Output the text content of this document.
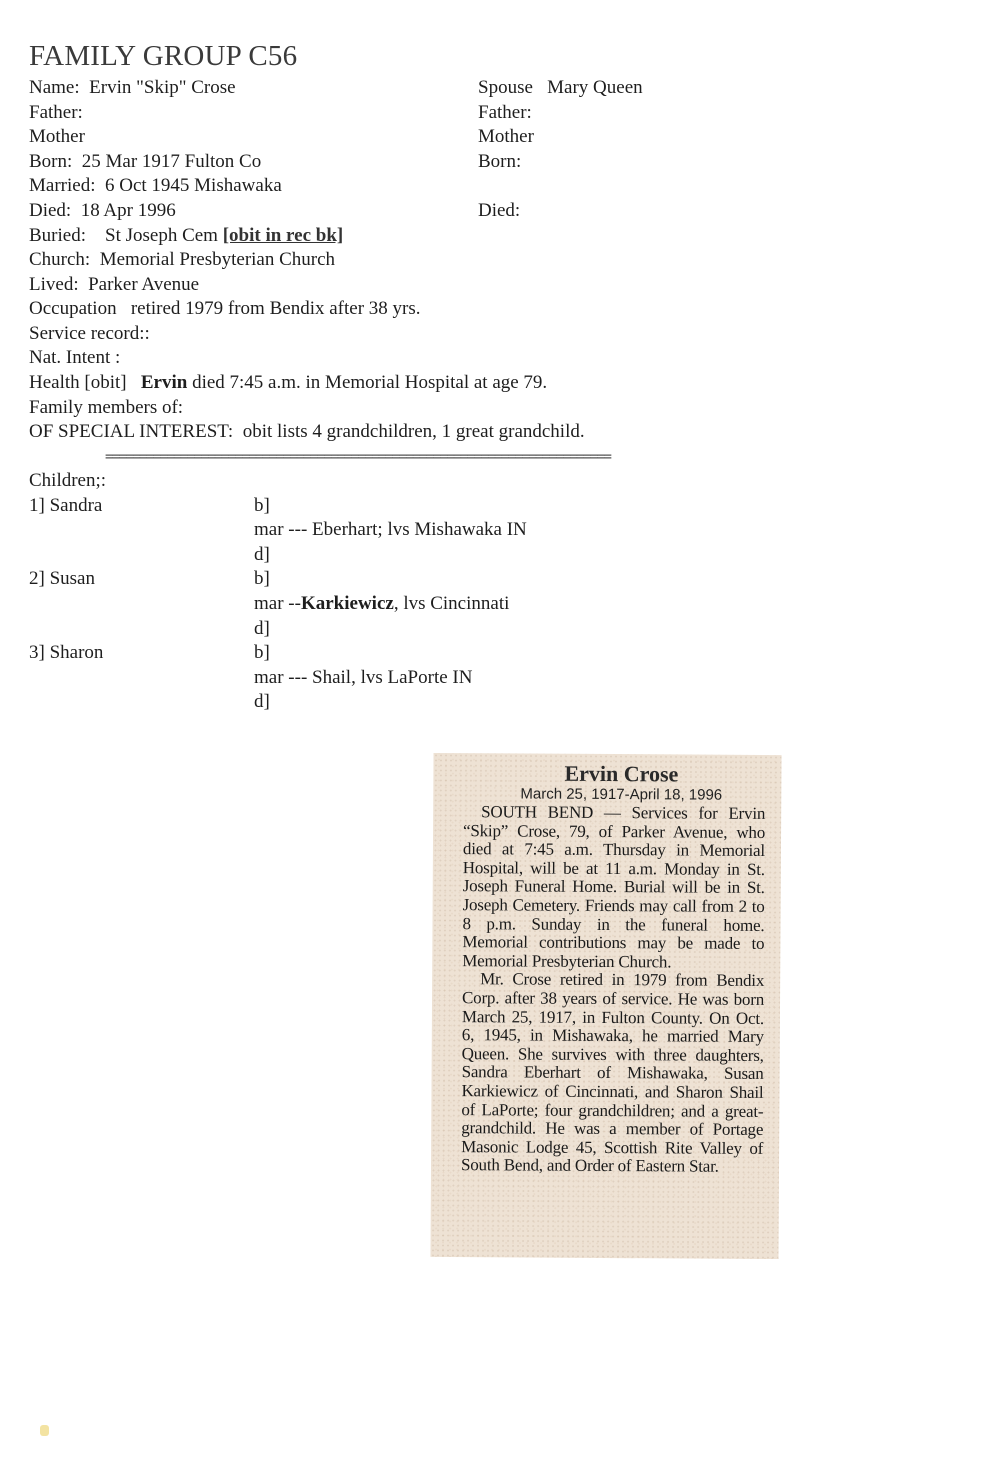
FAMILY GROUP C56
Name: Ervin "Skip" Crose
Father:
Mother
Born: 25 Mar 1917 Fulton Co
Married: 6 Oct 1945 Mishawaka
Died: 18 Apr 1996
Buried: St Joseph Cem [obit in rec bk]
Church: Memorial Presbyterian Church
Lived: Parker Avenue
Occupation retired 1979 from Bendix after 38 yrs.
Service record::
Nat. Intent :
Health [obit] Ervin died 7:45 a.m. in Memorial Hospital at age 79.
Family members of:
OF SPECIAL INTEREST: obit lists 4 grandchildren, 1 great grandchild.
Spouse Mary Queen
Father:
Mother
Born:
Died:
==========================================================================
Children;:
1] Sandra	b]
mar --- Eberhart; lvs Mishawaka IN
d]
2] Susan	b]
mar --Karkiewicz, lvs Cincinnati
d]
3] Sharon	b]
mar --- Shail, lvs LaPorte IN
d]
Ervin Crose
March 25, 1917-April 18, 1996

SOUTH BEND — Services for Ervin “Skip” Crose, 79, of Parker Avenue, who died at 7:45 a.m. Thursday in Memorial Hospital, will be at 11 a.m. Monday in St. Joseph Funeral Home. Burial will be in St. Joseph Cemetery. Friends may call from 2 to 8 p.m. Sunday in the funeral home. Memorial contributions may be made to Memorial Presbyterian Church.

Mr. Crose retired in 1979 from Bendix Corp. after 38 years of service. He was born March 25, 1917, in Fulton County. On Oct. 6, 1945, in Mishawaka, he married Mary Queen. She survives with three daughters, Sandra Eberhart of Mishawaka, Susan Karkiewicz of Cincinnati, and Sharon Shail of LaPorte; four grandchildren; and a great-grandchild. He was a member of Portage Masonic Lodge 45, Scottish Rite Valley of South Bend, and Order of Eastern Star.
